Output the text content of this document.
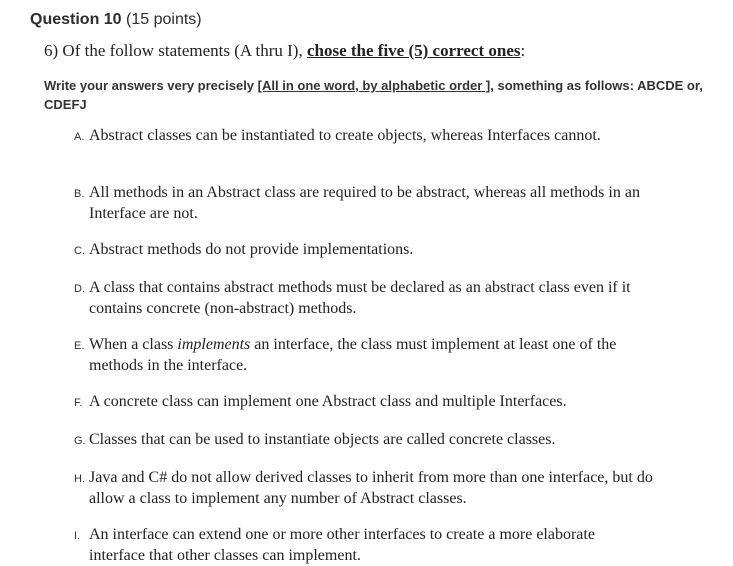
Question 10 (15 points)
6) Of the follow statements (A thru I), chose the five (5) correct ones:
Write your answers very precisely [All in one word, by alphabetic order ], something as follows: ABCDE or, CDEFJ
A. Abstract classes can be instantiated to create objects, whereas Interfaces cannot.
B. All methods in an Abstract class are required to be abstract, whereas all methods in an
Interface are not.
C. Abstract methods do not provide implementations.
D. A class that contains abstract methods must be declared as an abstract class even if it
contains concrete (non-abstract) methods.
E. When a class implements an interface, the class must implement at least one of the
methods in the interface.
F. A concrete class can implement one Abstract class and multiple Interfaces.
G. Classes that can be used to instantiate objects are called concrete classes.
H. Java and C# do not allow derived classes to inherit from more than one interface, but do
allow a class to implement any number of Abstract classes.
I. An interface can extend one or more other interfaces to create a more elaborate
interface that other classes can implement.
